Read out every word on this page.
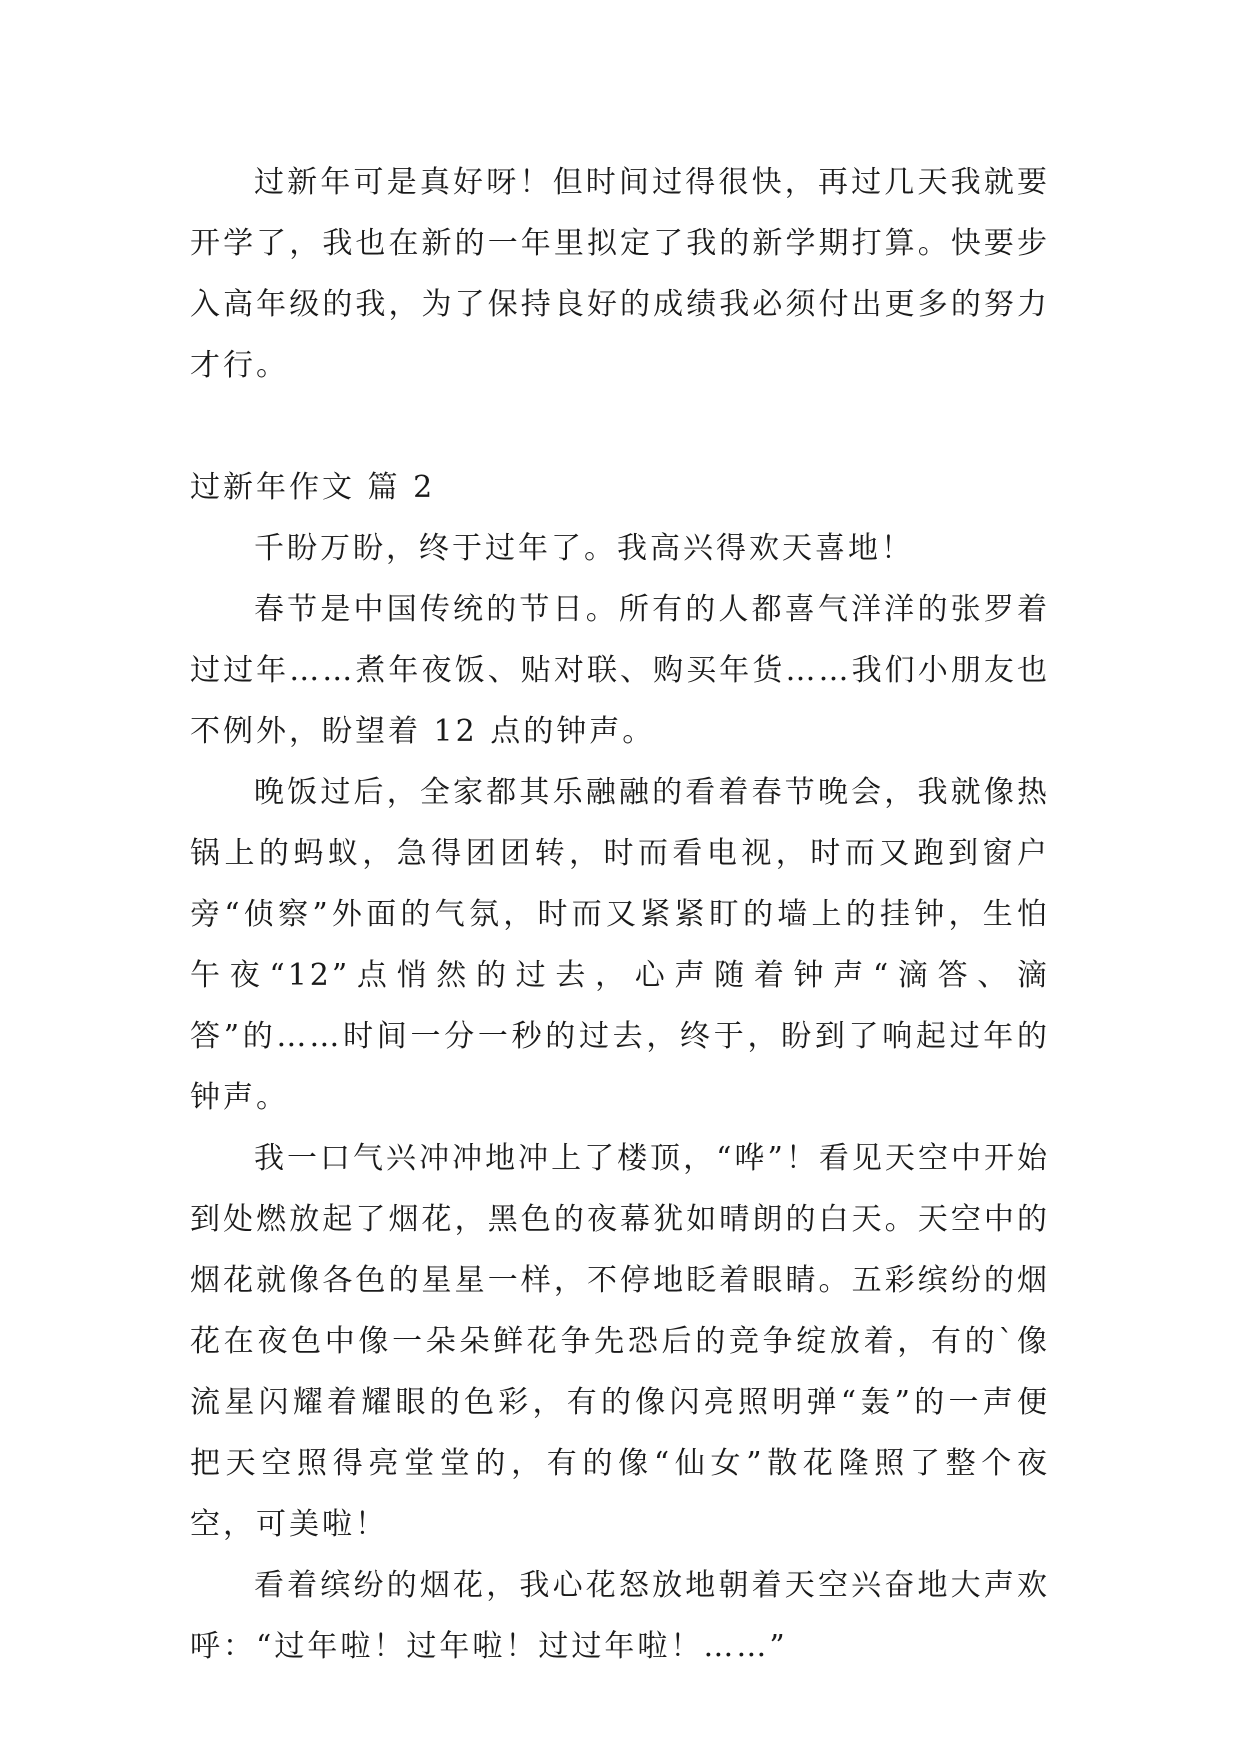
过新年可是真好呀！但时间过得很快，再过几天我就要开学了，我也在新的一年里拟定了我的新学期打算。快要步入高年级的我，为了保持良好的成绩我必须付出更多的努力才行。

过新年作文 篇 2

千盼万盼，终于过年了。我高兴得欢天喜地！

春节是中国传统的节日。所有的人都喜气洋洋的张罗着过过年……煮年夜饭、贴对联、购买年货……我们小朋友也不例外，盼望着 12 点的钟声。

晚饭过后，全家都其乐融融的看着春节晚会，我就像热锅上的蚂蚁，急得团团转，时而看电视，时而又跑到窗户旁“侦察”外面的气氛，时而又紧紧盯的墙上的挂钟，生怕午夜“12”点悄然的过去，心声随着钟声“滴答、滴答”的……时间一分一秒的过去，终于，盼到了响起过年的钟声。

我一口气兴冲冲地冲上了楼顶，“哗”！看见天空中开始到处燃放起了烟花，黑色的夜幕犹如晴朗的白天。天空中的烟花就像各色的星星一样，不停地眨着眼睛。五彩缤纷的烟花在夜色中像一朵朵鲜花争先恐后的竞争绽放着，有的`像流星闪耀着耀眼的色彩，有的像闪亮照明弹“轰”的一声便把天空照得亮堂堂的，有的像“仙女”散花隆照了整个夜空，可美啦！

看着缤纷的烟花，我心花怒放地朝着天空兴奋地大声欢呼：“过年啦！过年啦！过过年啦！……”
